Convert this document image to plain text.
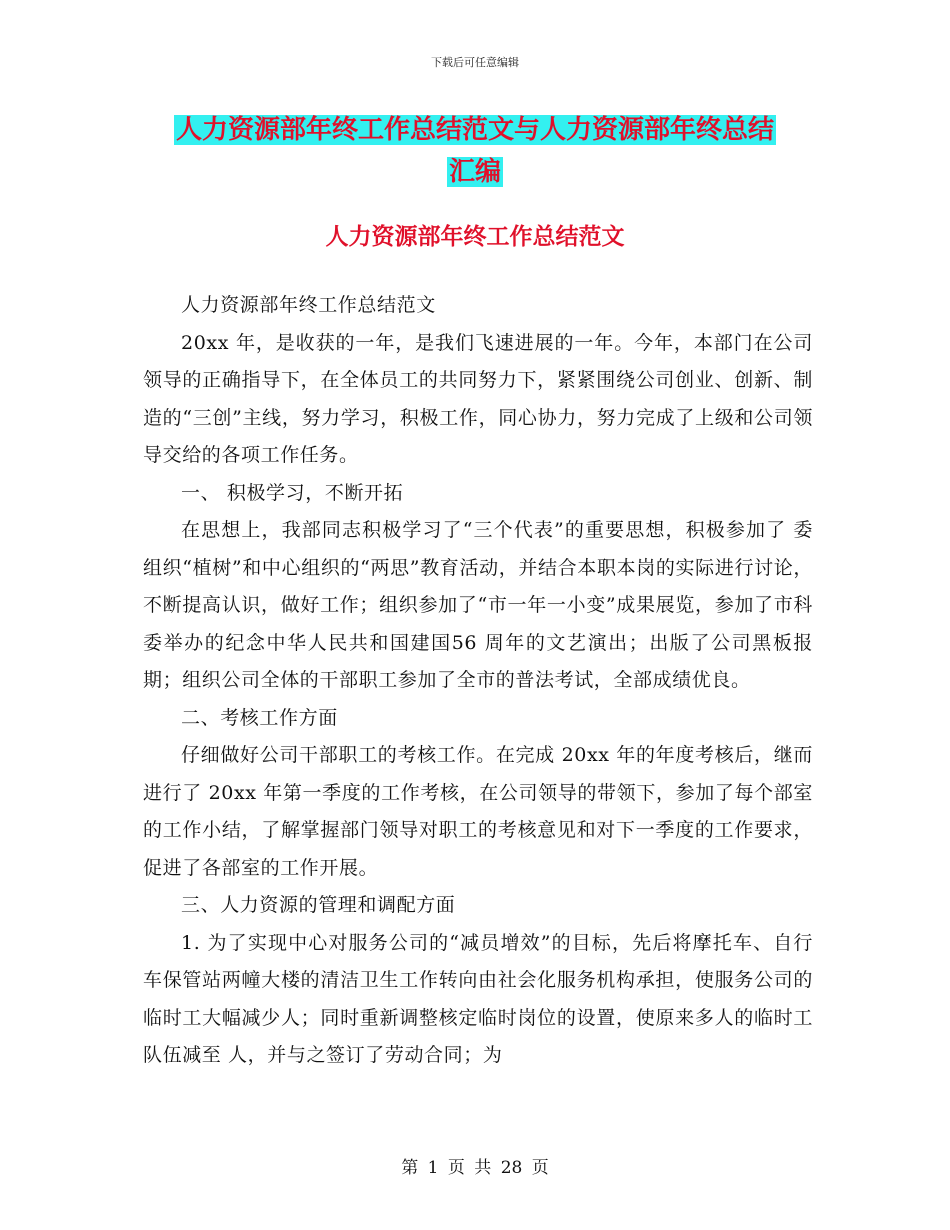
下载后可任意编辑
人力资源部年终工作总结范文与人力资源部年终总结
汇编
人力资源部年终工作总结范文

人力资源部年终工作总结范文

20xx 年，是收获的一年，是我们飞速进展的一年。今年，本部门在公司领导的正确指导下，在全体员工的共同努力下，紧紧围绕公司创业、创新、制造的“三创”主线，努力学习，积极工作，同心协力，努力完成了上级和公司领导交给的各项工作任务。

一、 积极学习，不断开拓

在思想上，我部同志积极学习了“三个代表”的重要思想，积极参加了 委组织“植树”和中心组织的“两思”教育活动，并结合本职本岗的实际进行讨论，不断提高认识，做好工作；组织参加了“市一年一小变”成果展览，参加了市科委举办的纪念中华人民共和国建国56 周年的文艺演出；出版了公司黑板报期；组织公司全体的干部职工参加了全市的普法考试，全部成绩优良。

二、考核工作方面

仔细做好公司干部职工的考核工作。在完成 20xx 年的年度考核后，继而进行了 20xx 年第一季度的工作考核，在公司领导的带领下，参加了每个部室的工作小结，了解掌握部门领导对职工的考核意见和对下一季度的工作要求，促进了各部室的工作开展。

三、人力资源的管理和调配方面

1. 为了实现中心对服务公司的“减员增效”的目标，先后将摩托车、自行车保管站两幢大楼的清洁卫生工作转向由社会化服务机构承担，使服务公司的临时工大幅减少人；同时重新调整核定临时岗位的设置，使原来多人的临时工队伍减至 人，并与之签订了劳动合同；为

第 1 页 共 28 页
